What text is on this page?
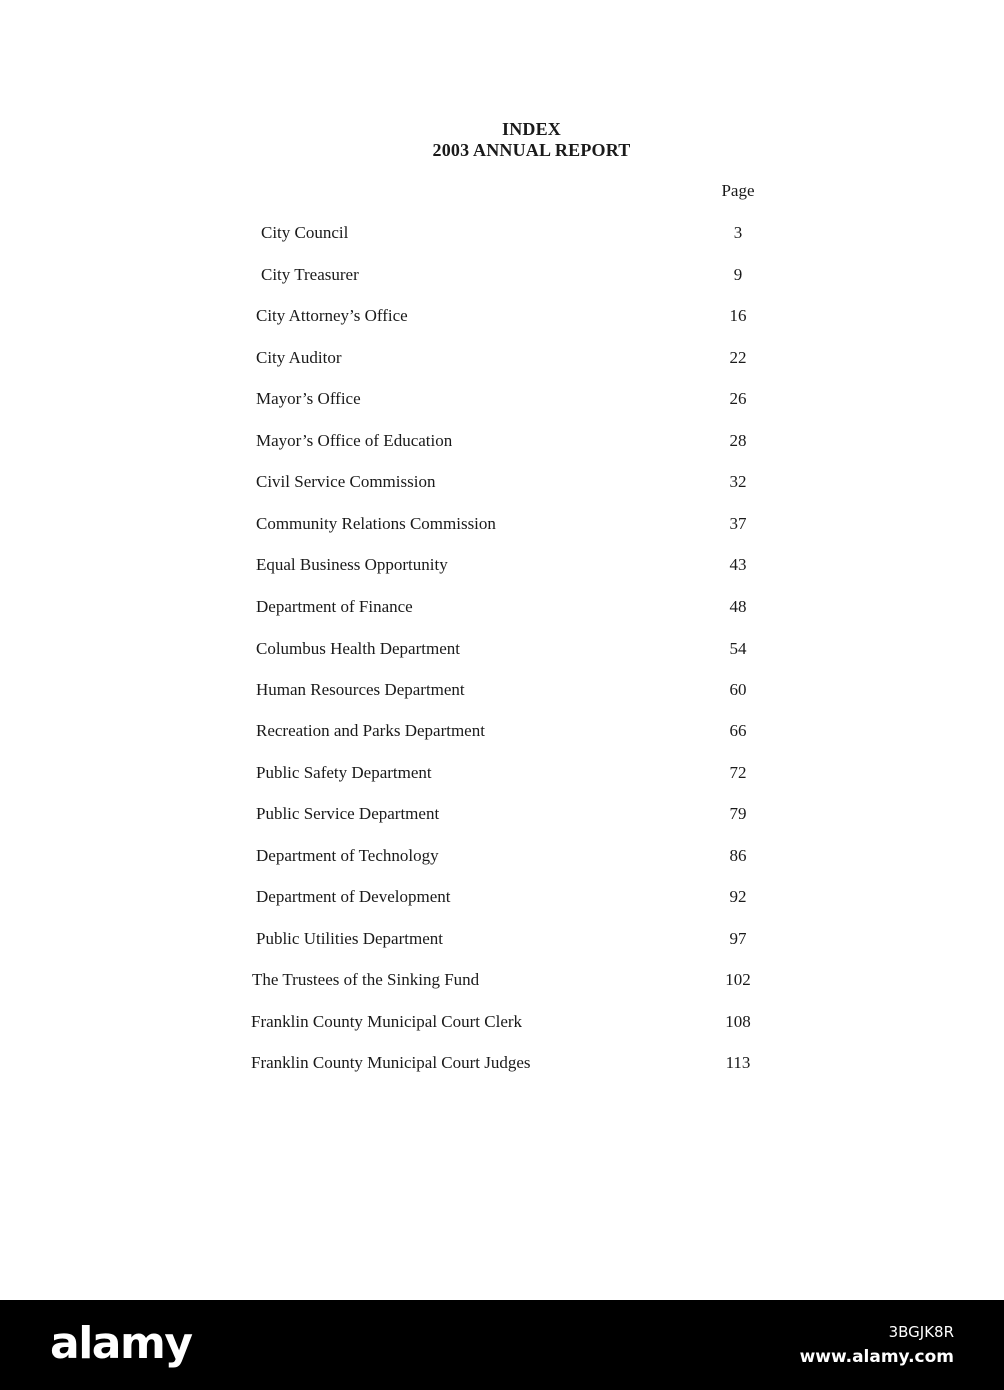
INDEX
2003 ANNUAL REPORT
Page
City Council	3
City Treasurer	9
City Attorney’s Office	16
City Auditor	22
Mayor’s Office	26
Mayor’s Office of Education	28
Civil Service Commission	32
Community Relations Commission	37
Equal Business Opportunity	43
Department of Finance	48
Columbus Health Department	54
Human Resources Department	60
Recreation and Parks Department	66
Public Safety Department	72
Public Service Department	79
Department of Technology	86
Department of Development	92
Public Utilities Department	97
The Trustees of the Sinking Fund	102
Franklin County Municipal Court Clerk	108
Franklin County Municipal Court Judges	113
alamy	3BGJK8R
www.alamy.com
